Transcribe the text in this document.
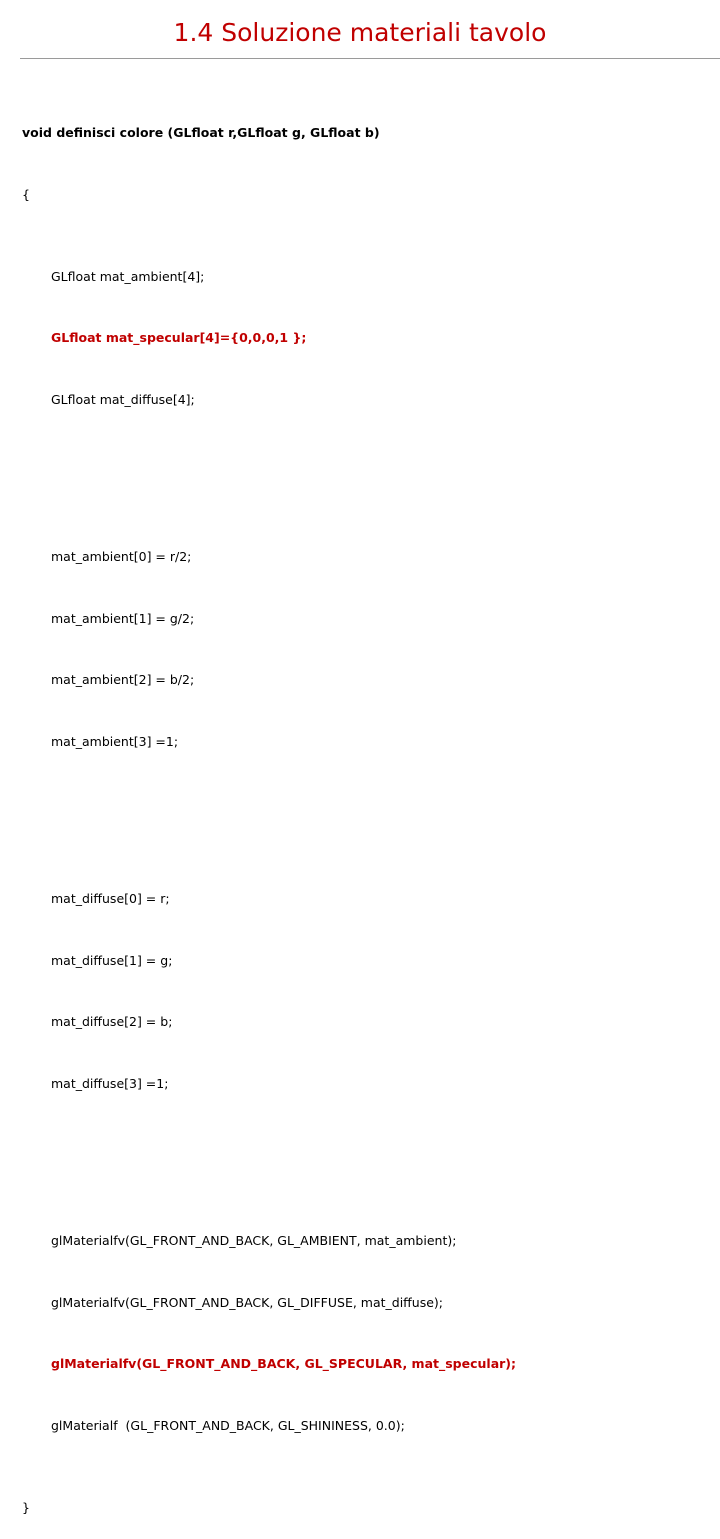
1.4 Soluzione materiali tavolo

void definisci colore (GLfloat r,GLfloat g, GLfloat b)

{

GLfloat mat_ambient[4];

GLfloat mat_specular[4]={0,0,0,1 };

GLfloat mat_diffuse[4];

mat_ambient[0] = r/2;

mat_ambient[1] = g/2;

mat_ambient[2] = b/2;

mat_ambient[3] =1;

mat_diffuse[0] = r;

mat_diffuse[1] = g;

mat_diffuse[2] = b;

mat_diffuse[3] =1;

glMaterialfv(GL_FRONT_AND_BACK, GL_AMBIENT, mat_ambient);

glMaterialfv(GL_FRONT_AND_BACK, GL_DIFFUSE, mat_diffuse);

glMaterialfv(GL_FRONT_AND_BACK, GL_SPECULAR, mat_specular);

glMaterialf  (GL_FRONT_AND_BACK, GL_SHININESS, 0.0);

}
